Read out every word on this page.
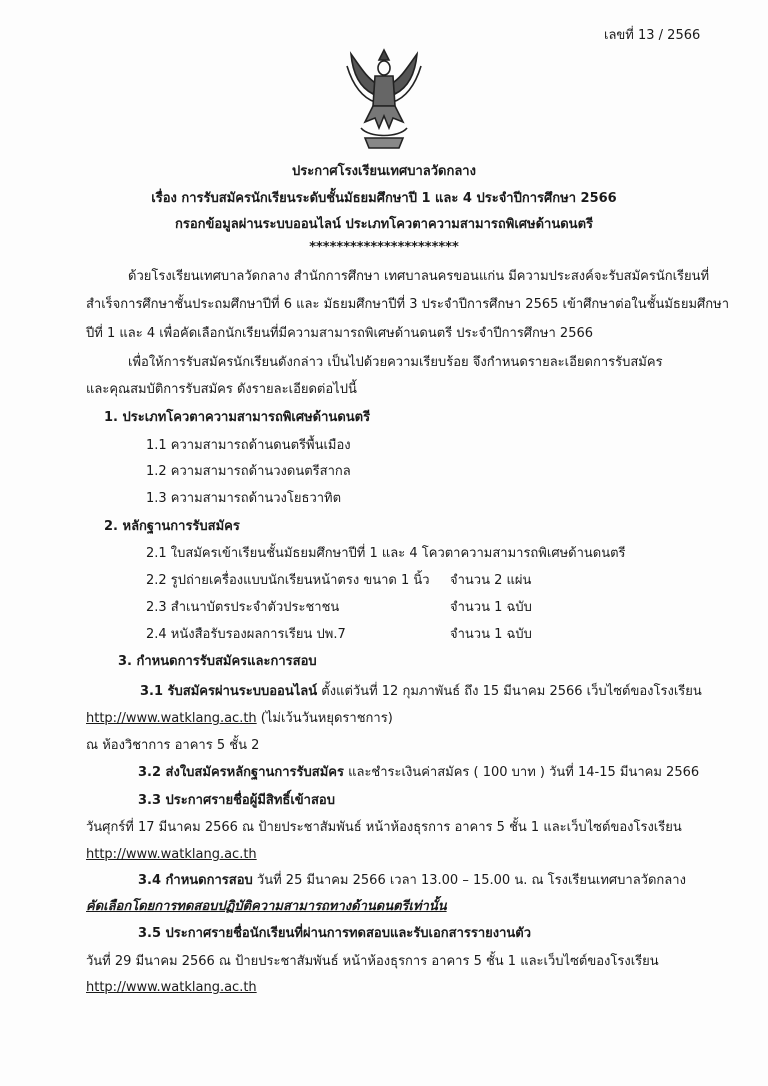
เลขที่ 13 / 2566
ประกาศโรงเรียนเทศบาลวัดกลาง
เรื่อง การรับสมัครนักเรียนระดับชั้นมัธยมศึกษาปี 1 และ 4 ประจำปีการศึกษา 2566
กรอกข้อมูลผ่านระบบออนไลน์ ประเภทโควตาความสามารถพิเศษด้านดนตรี
**********************
ด้วยโรงเรียนเทศบาลวัดกลาง สำนักการศึกษา เทศบาลนครขอนแก่น มีความประสงค์จะรับสมัครนักเรียนที่
สำเร็จการศึกษาชั้นประถมศึกษาปีที่ 6 และ มัธยมศึกษาปีที่ 3 ประจำปีการศึกษา 2565 เข้าศึกษาต่อในชั้นมัธยมศึกษา
ปีที่ 1 และ 4 เพื่อคัดเลือกนักเรียนที่มีความสามารถพิเศษด้านดนตรี ประจำปีการศึกษา 2566
เพื่อให้การรับสมัครนักเรียนดังกล่าว เป็นไปด้วยความเรียบร้อย จึงกำหนดรายละเอียดการรับสมัคร
และคุณสมบัติการรับสมัคร ดังรายละเอียดต่อไปนี้
1. ประเภทโควตาความสามารถพิเศษด้านดนตรี
1.1 ความสามารถด้านดนตรีพื้นเมือง
1.2 ความสามารถด้านวงดนตรีสากล
1.3 ความสามารถด้านวงโยธวาทิต
2. หลักฐานการรับสมัคร
2.1 ใบสมัครเข้าเรียนชั้นมัธยมศึกษาปีที่ 1 และ 4 โควตาความสามารถพิเศษด้านดนตรี
2.2 รูปถ่ายเครื่องแบบนักเรียนหน้าตรง ขนาด 1 นิ้ว จำนวน 2 แผ่น
2.3 สำเนาบัตรประจำตัวประชาชน	จำนวน 1 ฉบับ
2.4 หนังสือรับรองผลการเรียน ปพ.7	จำนวน 1 ฉบับ
3. กำหนดการรับสมัครและการสอบ
3.1 รับสมัครผ่านระบบออนไลน์ ตั้งแต่วันที่ 12 กุมภาพันธ์ ถึง 15 มีนาคม 2566 เว็บไซต์ของโรงเรียน
http://www.watklang.ac.th (ไม่เว้นวันหยุดราชการ)
ณ ห้องวิชาการ อาคาร 5 ชั้น 2
3.2 ส่งใบสมัครหลักฐานการรับสมัคร และชำระเงินค่าสมัคร ( 100 บาท ) วันที่ 14-15 มีนาคม 2566
3.3 ประกาศรายชื่อผู้มีสิทธิ์เข้าสอบ
วันศุกร์ที่ 17 มีนาคม 2566 ณ ป้ายประชาสัมพันธ์ หน้าห้องธุรการ อาคาร 5 ชั้น 1 และเว็บไซต์ของโรงเรียน
http://www.watklang.ac.th
3.4 กำหนดการสอบ วันที่ 25 มีนาคม 2566 เวลา 13.00 – 15.00 น. ณ โรงเรียนเทศบาลวัดกลาง
คัดเลือกโดยการทดสอบปฏิบัติความสามารถทางด้านดนตรีเท่านั้น
3.5 ประกาศรายชื่อนักเรียนที่ผ่านการทดสอบและรับเอกสารรายงานตัว
วันที่ 29 มีนาคม 2566 ณ ป้ายประชาสัมพันธ์ หน้าห้องธุรการ อาคาร 5 ชั้น 1 และเว็บไซต์ของโรงเรียน
http://www.watklang.ac.th
